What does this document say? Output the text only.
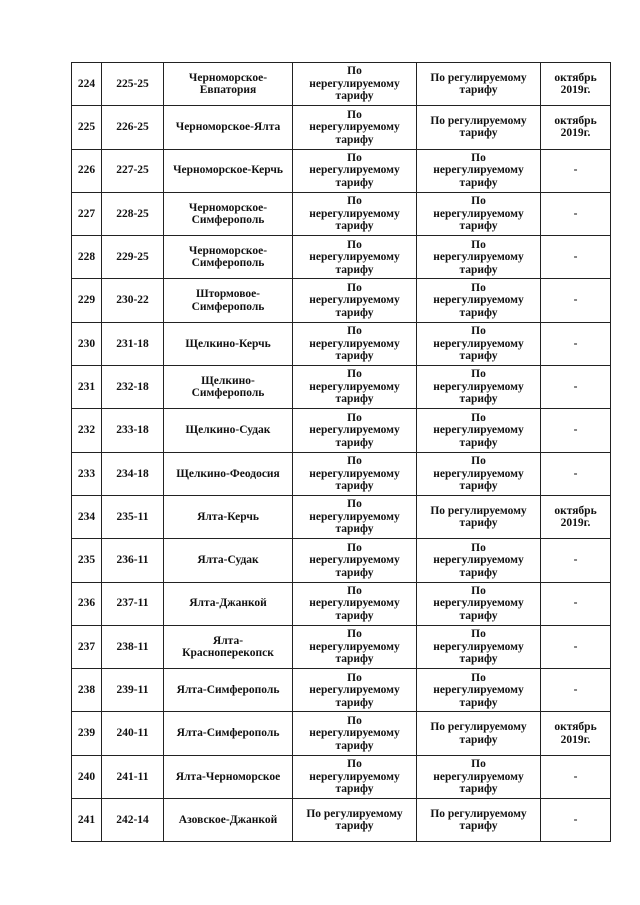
224	225-25	Черноморское-
Евпатория	По
нерегулируемому
тарифу	По регулируемому
тарифу	октябрь
2019г.
225	226-25	Черноморское-Ялта	По
нерегулируемому
тарифу	По регулируемому
тарифу	октябрь
2019г.
226	227-25	Черноморское-Керчь	По
нерегулируемому
тарифу	По
нерегулируемому
тарифу	-
227	228-25	Черноморское-
Симферополь	По
нерегулируемому
тарифу	По
нерегулируемому
тарифу	-
228	229-25	Черноморское-
Симферополь	По
нерегулируемому
тарифу	По
нерегулируемому
тарифу	-
229	230-22	Штормовое-
Симферополь	По
нерегулируемому
тарифу	По
нерегулируемому
тарифу	-
230	231-18	Щелкино-Керчь	По
нерегулируемому
тарифу	По
нерегулируемому
тарифу	-
231	232-18	Щелкино-
Симферополь	По
нерегулируемому
тарифу	По
нерегулируемому
тарифу	-
232	233-18	Щелкино-Судак	По
нерегулируемому
тарифу	По
нерегулируемому
тарифу	-
233	234-18	Щелкино-Феодосия	По
нерегулируемому
тарифу	По
нерегулируемому
тарифу	-
234	235-11	Ялта-Керчь	По
нерегулируемому
тарифу	По регулируемому
тарифу	октябрь
2019г.
235	236-11	Ялта-Судак	По
нерегулируемому
тарифу	По
нерегулируемому
тарифу	-
236	237-11	Ялта-Джанкой	По
нерегулируемому
тарифу	По
нерегулируемому
тарифу	-
237	238-11	Ялта-
Красноперекопск	По
нерегулируемому
тарифу	По
нерегулируемому
тарифу	-
238	239-11	Ялта-Симферополь	По
нерегулируемому
тарифу	По
нерегулируемому
тарифу	-
239	240-11	Ялта-Симферополь	По
нерегулируемому
тарифу	По регулируемому
тарифу	октябрь
2019г.
240	241-11	Ялта-Черноморское	По
нерегулируемому
тарифу	По
нерегулируемому
тарифу	-
241	242-14	Азовское-Джанкой	По регулируемому
тарифу	По регулируемому
тарифу	-
